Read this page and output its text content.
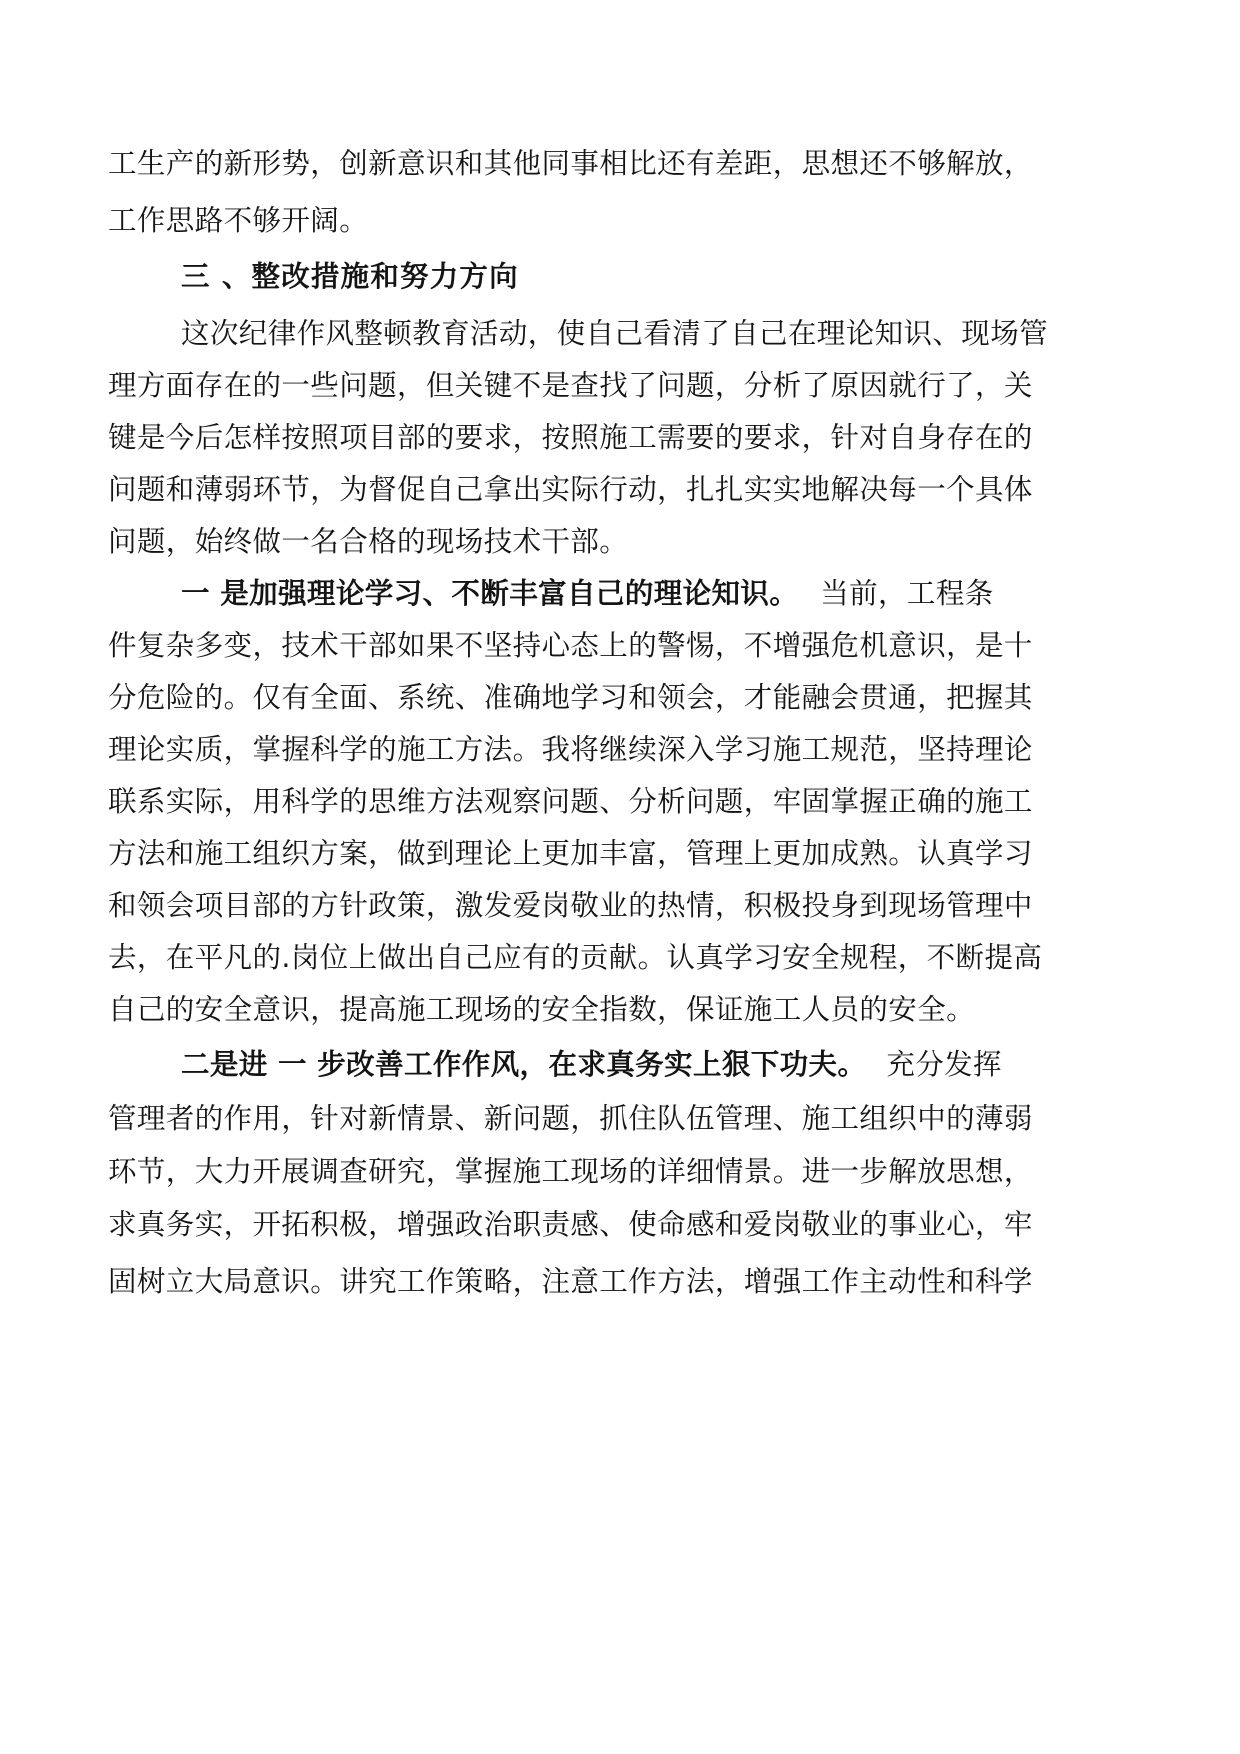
工生产的新形势，创新意识和其他同事相比还有差距，思想还不够解放，
工作思路不够开阔。
三 、整改措施和努力方向
这次纪律作风整顿教育活动，使自己看清了自己在理论知识、现场管
理方面存在的一些问题，但关键不是查找了问题，分析了原因就行了，关
键是今后怎样按照项目部的要求，按照施工需要的要求，针对自身存在的
问题和薄弱环节，为督促自己拿出实际行动，扎扎实实地解决每一个具体
问题，始终做一名合格的现场技术干部。
一 是加强理论学习、不断丰富自己的理论知识。 当前，工程条
件复杂多变，技术干部如果不坚持心态上的警惕，不增强危机意识，是十
分危险的。仅有全面、系统、准确地学习和领会，才能融会贯通，把握其
理论实质，掌握科学的施工方法。我将继续深入学习施工规范，坚持理论
联系实际，用科学的思维方法观察问题、分析问题，牢固掌握正确的施工
方法和施工组织方案，做到理论上更加丰富，管理上更加成熟。认真学习
和领会项目部的方针政策，激发爱岗敬业的热情，积极投身到现场管理中
去，在平凡的.岗位上做出自己应有的贡献。认真学习安全规程，不断提高
自己的安全意识，提高施工现场的安全指数，保证施工人员的安全。
二是进 一 步改善工作作风，在求真务实上狠下功夫。 充分发挥
管理者的作用，针对新情景、新问题，抓住队伍管理、施工组织中的薄弱
环节，大力开展调查研究，掌握施工现场的详细情景。进一步解放思想，
求真务实，开拓积极，增强政治职责感、使命感和爱岗敬业的事业心，牢
固树立大局意识。讲究工作策略，注意工作方法，增强工作主动性和科学
